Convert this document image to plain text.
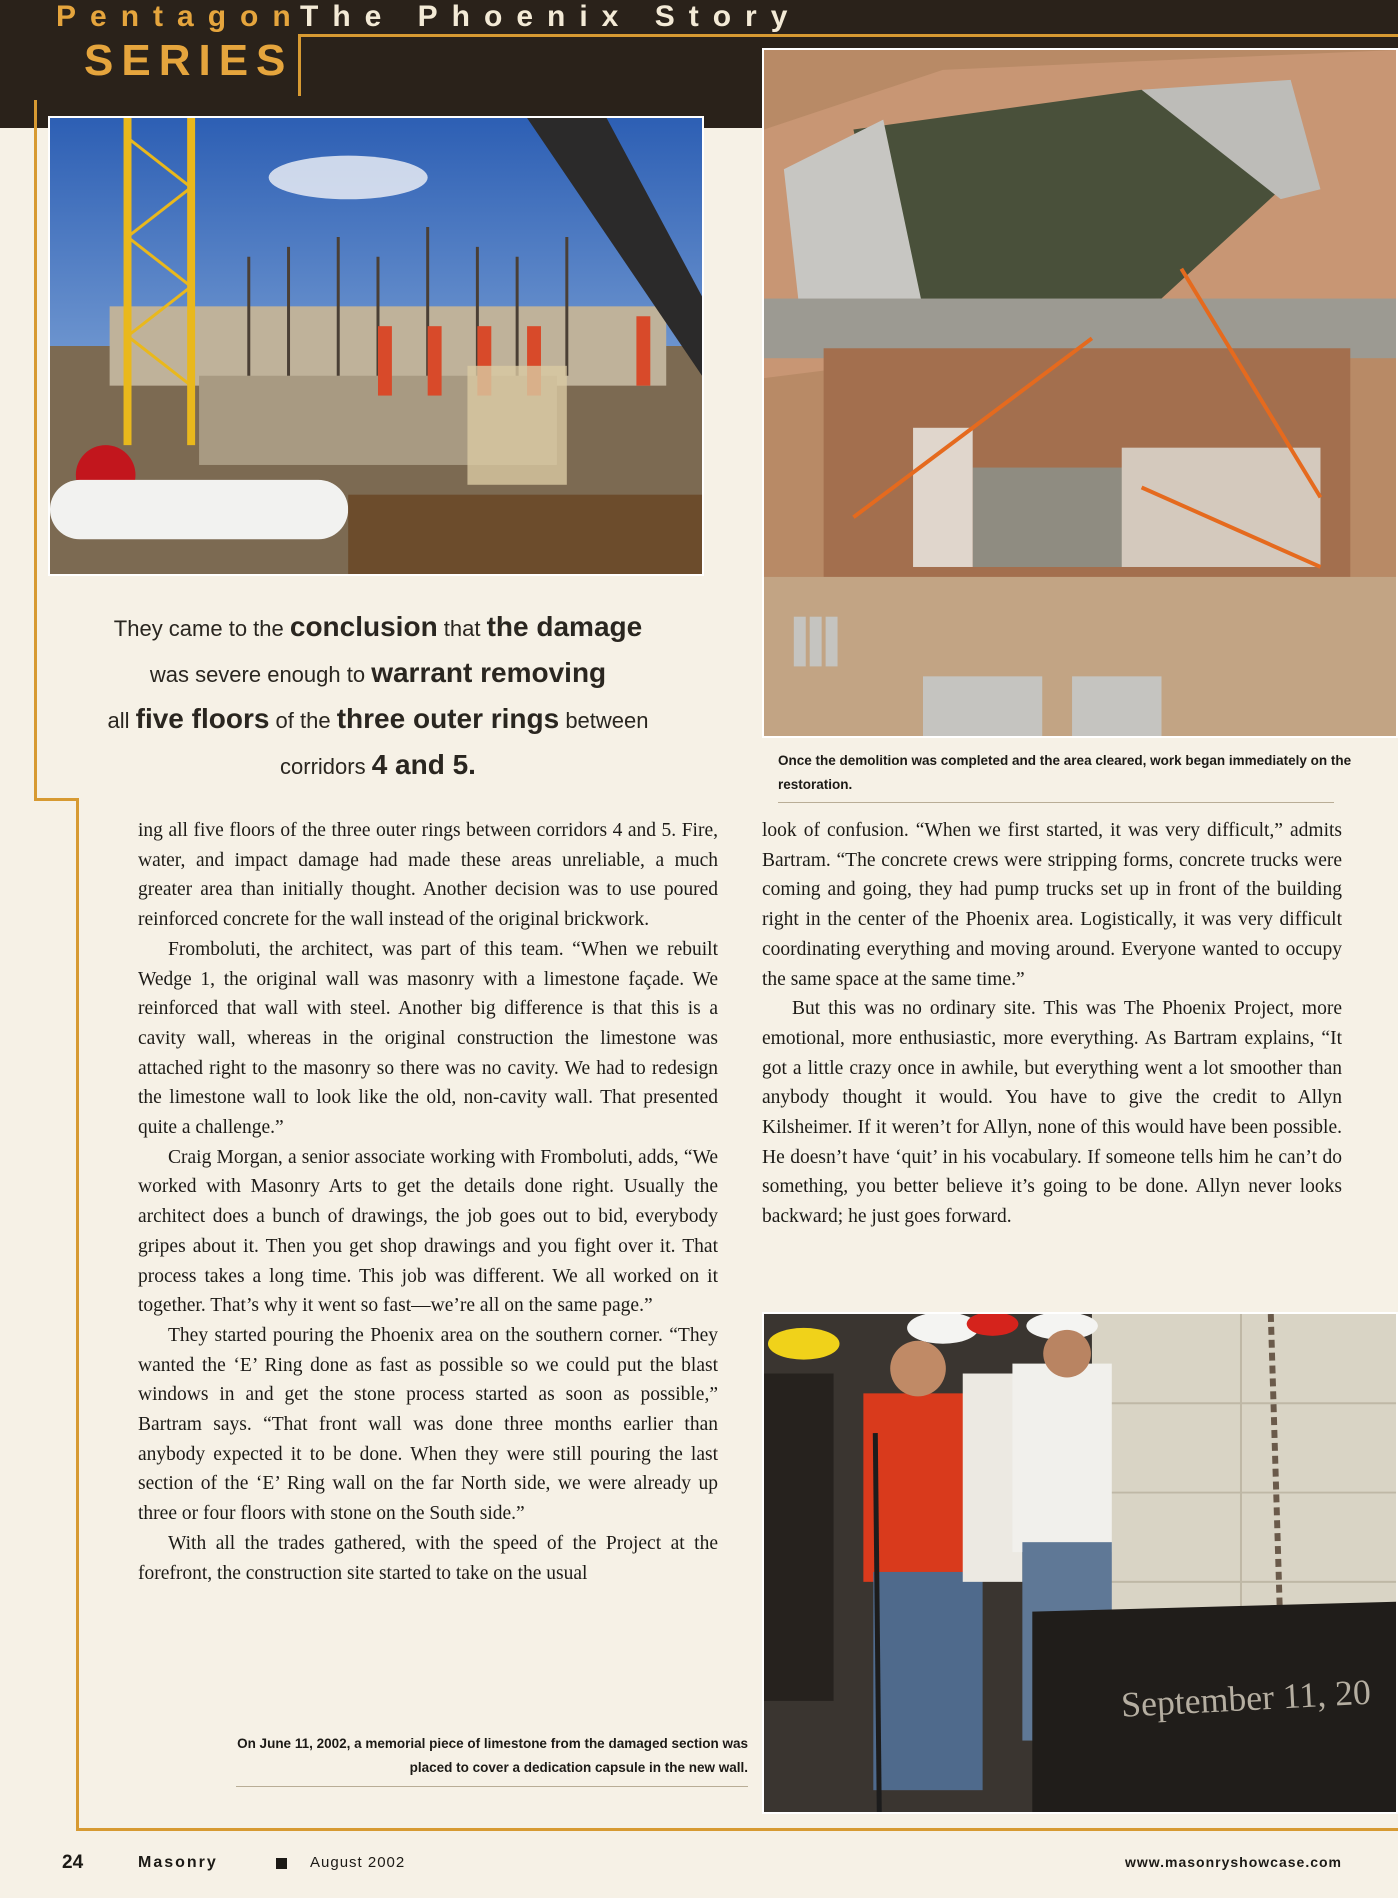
Pentagon
The Phoenix Story
SERIES
They came to the conclusion that the damage
was severe enough to warrant removing
all five floors of the three outer rings between
corridors 4 and 5.	Once the demolition was completed and the area cleared, work began immediately on the restoration.

ing all five floors of the three outer rings between corridors 4 and 5. Fire, water, and impact damage had made these areas unreliable, a much greater area than initially thought. Another decision was to use poured reinforced concrete for the wall instead of the original brickwork.

Fromboluti, the architect, was part of this team. “When we rebuilt Wedge 1, the original wall was masonry with a limestone façade. We reinforced that wall with steel. Another big difference is that this is a cavity wall, whereas in the original construction the limestone was attached right to the masonry so there was no cavity. We had to redesign the limestone wall to look like the old, non-cavity wall. That presented quite a challenge.”

Craig Morgan, a senior associate working with Fromboluti, adds, “We worked with Masonry Arts to get the details done right. Usually the architect does a bunch of drawings, the job goes out to bid, everybody gripes about it. Then you get shop drawings and you fight over it. That process takes a long time. This job was different. We all worked on it together. That’s why it went so fast—we’re all on the same page.”

They started pouring the Phoenix area on the southern corner. “They wanted the ‘E’ Ring done as fast as possible so we could put the blast windows in and get the stone process started as soon as possible,” Bartram says. “That front wall was done three months earlier than anybody expected it to be done. When they were still pouring the last section of the ‘E’ Ring wall on the far North side, we were already up three or four floors with stone on the South side.”

With all the trades gathered, with the speed of the Project at the forefront, the construction site started to take on the usual

look of confusion. “When we first started, it was very difficult,” admits Bartram. “The concrete crews were stripping forms, concrete trucks were coming and going, they had pump trucks set up in front of the building right in the center of the Phoenix area. Logistically, it was very difficult coordinating everything and moving around. Everyone wanted to occupy the same space at the same time.”

But this was no ordinary site. This was The Phoenix Project, more emotional, more enthusiastic, more everything. As Bartram explains, “It got a little crazy once in awhile, but everything went a lot smoother than anybody thought it would. You have to give the credit to Allyn Kilsheimer. If it weren’t for Allyn, none of this would have been possible. He doesn’t have ‘quit’ in his vocabulary. If someone tells him he can’t do something, you better believe it’s going to be done. Allyn never looks backward; he just goes forward.

On June 11, 2002, a memorial piece of limestone from the damaged section was placed to cover a dedication capsule in the new wall.
September 11, 20
24	Masonry	August 2002	www.masonryshowcase.com
